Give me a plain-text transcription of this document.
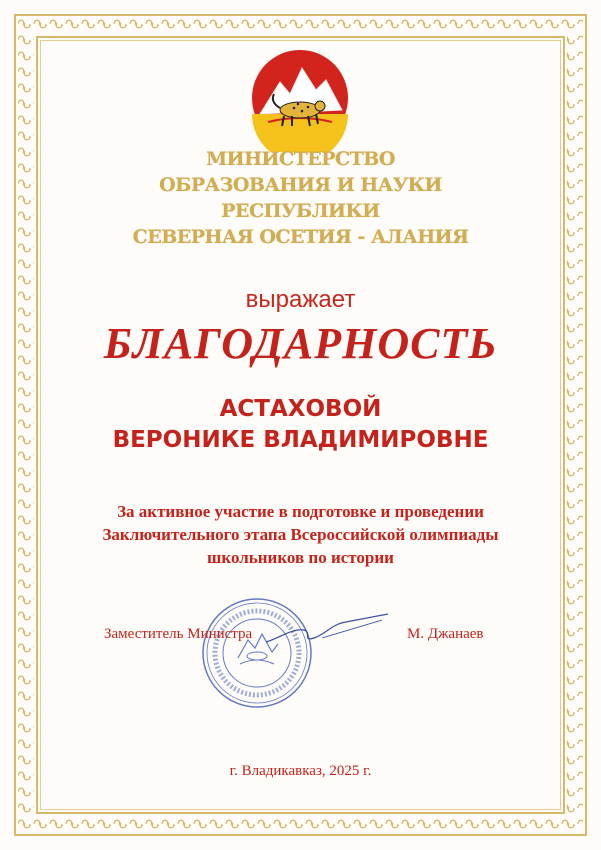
МИНИСТЕРСТВО
ОБРАЗОВАНИЯ И НАУКИ
РЕСПУБЛИКИ
СЕВЕРНАЯ ОСЕТИЯ - АЛАНИЯ
выражает
БЛАГОДАРНОСТЬ
АСТАХОВОЙ
ВЕРОНИКЕ ВЛАДИМИРОВНЕ
За активное участие в подготовке и проведении
Заключительного этапа Всероссийской олимпиады
школьников по истории
Заместитель Министра	М. Джанаев
г. Владикавказ, 2025 г.
